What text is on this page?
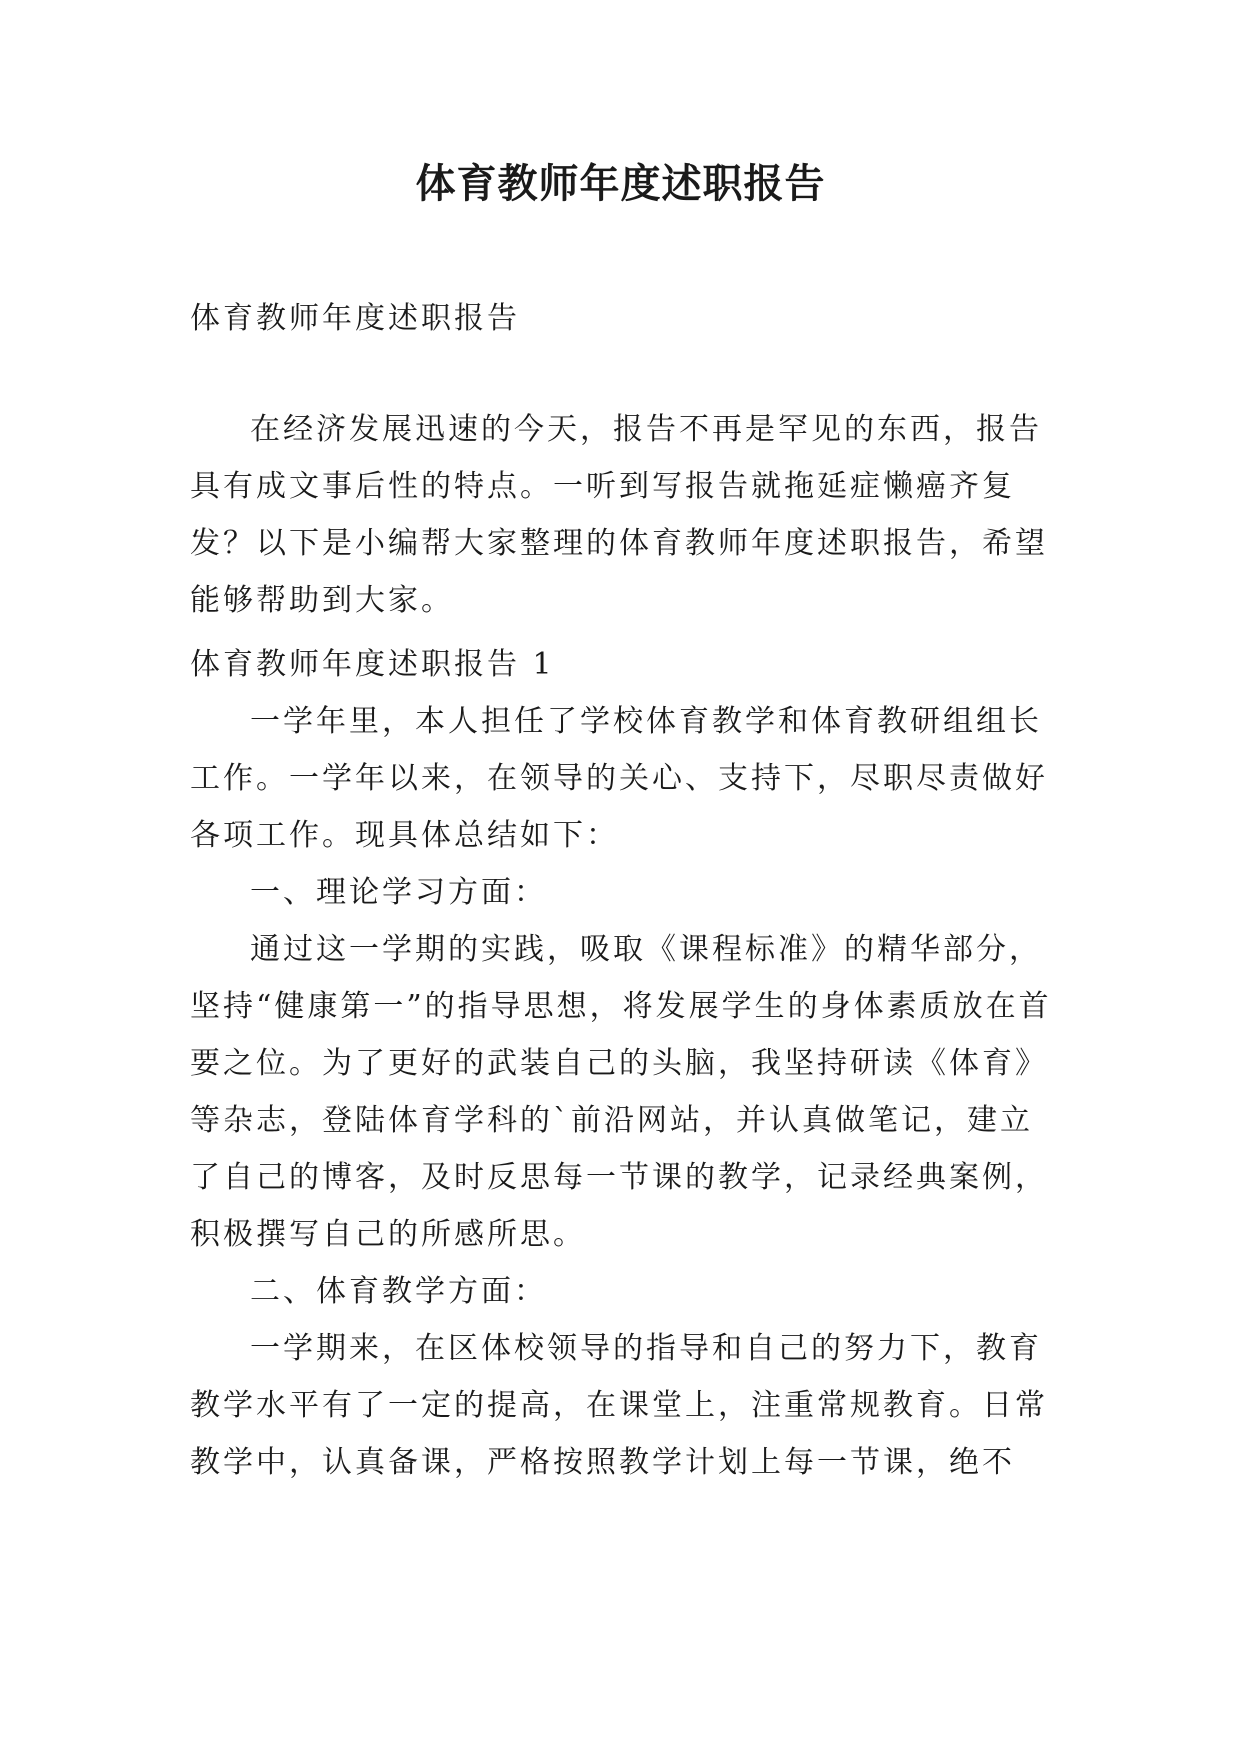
体育教师年度述职报告

体育教师年度述职报告

在经济发展迅速的今天，报告不再是罕见的东西，报告具有成文事后性的特点。一听到写报告就拖延症懒癌齐复发？以下是小编帮大家整理的体育教师年度述职报告，希望能够帮助到大家。

体育教师年度述职报告 1

一学年里，本人担任了学校体育教学和体育教研组组长工作。一学年以来，在领导的关心、支持下，尽职尽责做好各项工作。现具体总结如下：

一、理论学习方面：

通过这一学期的实践，吸取《课程标准》的精华部分，坚持“健康第一”的指导思想，将发展学生的身体素质放在首要之位。为了更好的武装自己的头脑，我坚持研读《体育》等杂志，登陆体育学科的`前沿网站，并认真做笔记，建立了自己的博客，及时反思每一节课的教学，记录经典案例，积极撰写自己的所感所思。

二、体育教学方面：

一学期来，在区体校领导的指导和自己的努力下，教育教学水平有了一定的提高，在课堂上，注重常规教育。日常教学中，认真备课，严格按照教学计划上每一节课，绝不
